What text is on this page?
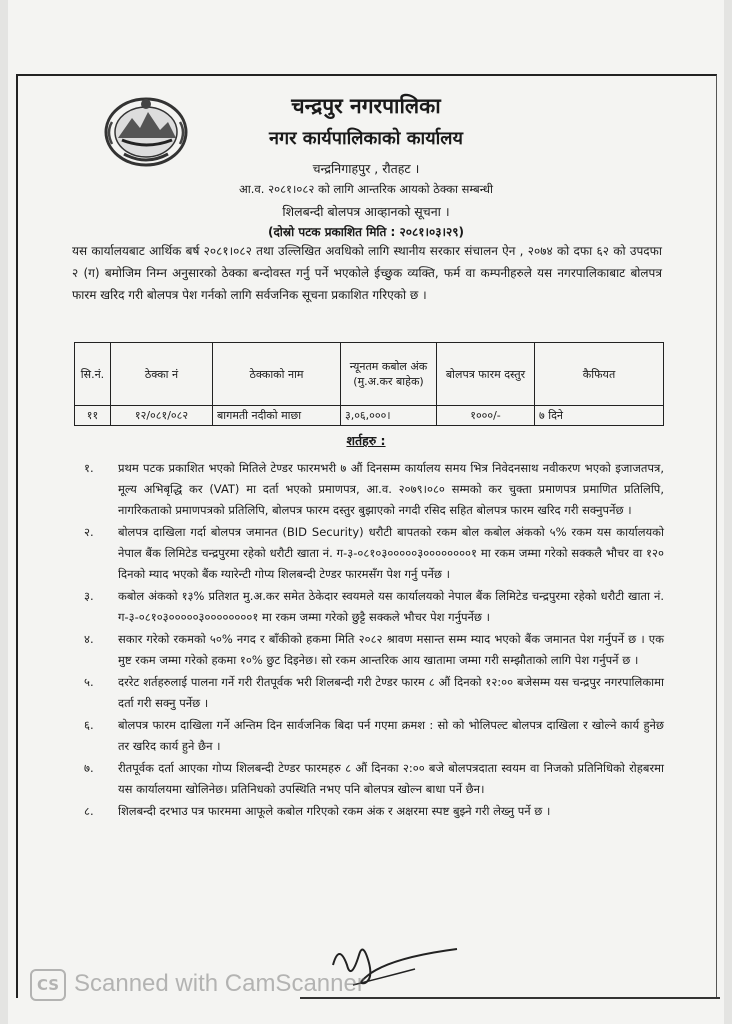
चन्द्रपुर नगरपालिका
नगर कार्यपालिकाको कार्यालय
चन्द्रनिगाहपुर , रौतहट ।
आ.व. २०८१।०८२ को लागि आन्तरिक आयको ठेक्का सम्बन्धी
शिलबन्दी बोलपत्र आव्हानको सूचना ।
(दोस्रो पटक प्रकाशित मिति : २०८१।०३।२९)
यस कार्यालयबाट आर्थिक बर्ष २०८१।०८२ तथा उल्लिखित अवधिको लागि स्थानीय सरकार संचालन ऐन , २०७४ को दफा ६२ को उपदफा २ (ग) बमोजिम निम्न अनुसारको ठेक्का बन्दोवस्त गर्नु पर्ने भएकोले ईच्छुक व्यक्ति, फर्म वा कम्पनीहरुले यस नगरपालिकाबाट बोलपत्र फारम खरिद गरी बोलपत्र पेश गर्नको लागि सर्वजनिक सूचना प्रकाशित गरिएको छ ।
सि.नं.	ठेक्का नं	ठेक्काको नाम	न्यूनतम कबोल अंक (मु.अ.कर बाहेक)	बोलपत्र फारम दस्तुर	कैफियत
११	१२/०८१/०८२	बागमती नदीको माछा	३,०६,०००।	१०००/-	७ दिने
शर्तहरु :
१. प्रथम पटक प्रकाशित भएको मितिले टेण्डर फारमभरी ७ औं दिनसम्म कार्यालय समय भित्र निवेदनसाथ नवीकरण भएको इजाजतपत्र, मूल्य अभिबृद्धि कर (VAT) मा दर्ता भएको प्रमाणपत्र, आ.व. २०७९।०८० सम्मको कर चुक्ता प्रमाणपत्र प्रमाणित प्रतिलिपि, नागरिकताको प्रमाणपत्रको प्रतिलिपि, बोलपत्र फारम दस्तुर बुझाएको नगदी रसिद सहित बोलपत्र फारम खरिद गरी सक्नुपर्नेछ ।
२. बोलपत्र दाखिला गर्दा बोलपत्र जमानत (BID Security) धरौटी बापतको रकम बोल कबोल अंकको ५% रकम यस कार्यालयको नेपाल बैंक लिमिटेड चन्द्रपुरमा रहेको धरौटी खाता नं. ग-३-०८१०३०००००३००००००००१ मा रकम जम्मा गरेको सक्कलै भौचर वा १२० दिनको म्याद भएको बैंक ग्यारेन्टी गोप्य शिलबन्दी टेण्डर फारमसँग पेश गर्नु पर्नेछ ।
३. कबोल अंकको १३% प्रतिशत मु.अ.कर समेत ठेकेदार स्वयमले यस कार्यालयको नेपाल बैंक लिमिटेड चन्द्रपुरमा रहेको धरौटी खाता नं. ग-३-०८१०३०००००३००००००००१ मा रकम जम्मा गरेको छुट्टै सक्कले भौचर पेश गर्नुपर्नेछ ।
४. सकार गरेको रकमको ५०% नगद र बाँकीको हकमा मिति २०८२ श्रावण मसान्त सम्म म्याद भएको बैंक जमानत पेश गर्नुपर्ने छ । एक मुष्ट रकम जम्मा गरेको हकमा १०% छुट दिइनेछ। सो रकम आन्तरिक आय खातामा जम्मा गरी सम्झौताको लागि पेश गर्नुपर्ने छ ।
५. दररेट शर्तहरुलाई पालना गर्ने गरी रीतपूर्वक भरी शिलबन्दी गरी टेण्डर फारम ८ औं दिनको १२:०० बजेसम्म यस चन्द्रपुर नगरपालिकामा दर्ता गरी सक्नु पर्नेछ ।
६. बोलपत्र फारम दाखिला गर्ने अन्तिम दिन सार्वजनिक बिदा पर्न गएमा क्रमश : सो को भोलिपल्ट बोलपत्र दाखिला र खोल्ने कार्य हुनेछ तर खरिद कार्य हुने छैन ।
७. रीतपूर्वक दर्ता आएका गोप्य शिलबन्दी टेण्डर फारमहरु ८ औं दिनका २:०० बजे बोलपत्रदाता स्वयम वा निजको प्रतिनिधिको रोहबरमा यस कार्यालयमा खोलिनेछ। प्रतिनिधको उपस्थिति नभए पनि बोलपत्र खोल्न बाधा पर्ने छैन।
८. शिलबन्दी दरभाउ पत्र फारममा आफूले कबोल गरिएको रकम अंक र अक्षरमा स्पष्ट बुझ्ने गरी लेख्नु पर्ने छ ।
CS Scanned with CamScanner
